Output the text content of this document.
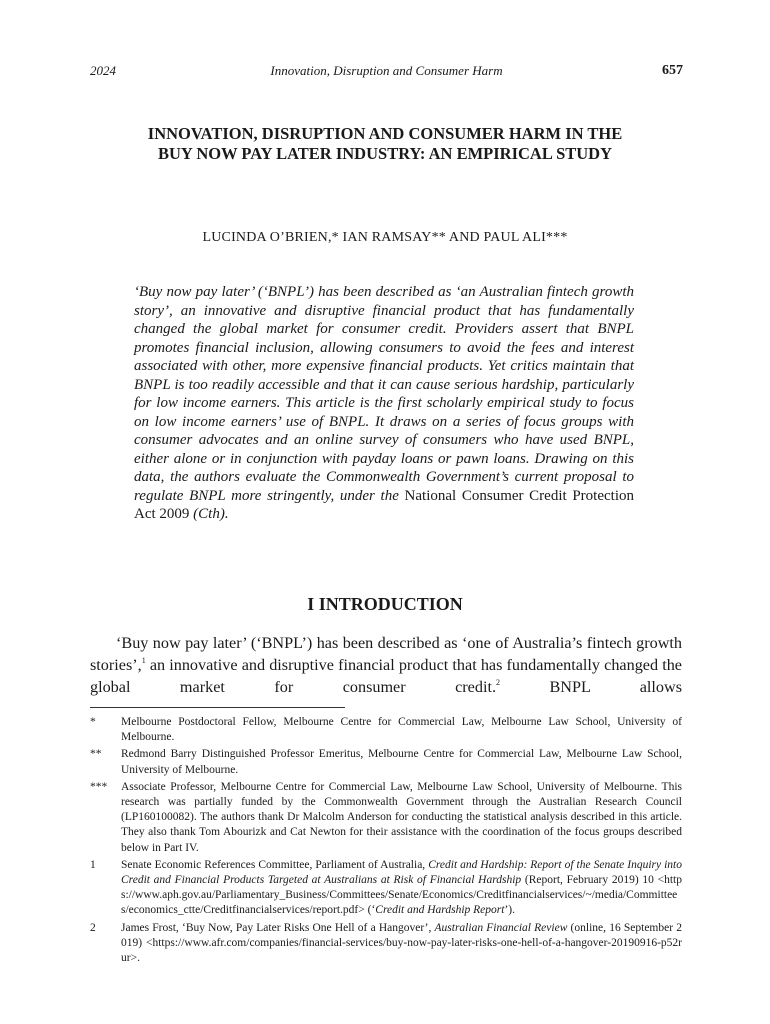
2024	Innovation, Disruption and Consumer Harm	657
INNOVATION, DISRUPTION AND CONSUMER HARM IN THE
BUY NOW PAY LATER INDUSTRY: AN EMPIRICAL STUDY
LUCINDA O’BRIEN,* IAN RAMSAY** AND PAUL ALI***

‘Buy now pay later’ (‘BNPL’) has been described as ‘an Australian fintech growth story’, an innovative and disruptive financial product that has fundamentally changed the global market for consumer credit. Providers assert that BNPL promotes financial inclusion, allowing consumers to avoid the fees and interest associated with other, more expensive financial products. Yet critics maintain that BNPL is too readily accessible and that it can cause serious hardship, particularly for low income earners. This article is the first scholarly empirical study to focus on low income earners’ use of BNPL. It draws on a series of focus groups with consumer advocates and an online survey of consumers who have used BNPL, either alone or in conjunction with payday loans or pawn loans. Drawing on this data, the authors evaluate the Commonwealth Government’s current proposal to regulate BNPL more stringently, under the National Consumer Credit Protection Act 2009 (Cth).

I INTRODUCTION

‘Buy now pay later’ (‘BNPL’) has been described as ‘one of Australia’s fintech growth stories’,$^1$ an innovative and disruptive financial product that has fundamentally changed the global market for consumer credit.$^2$ BNPL allows

* Melbourne Postdoctoral Fellow, Melbourne Centre for Commercial Law, Melbourne Law School, University of Melbourne.
** Redmond Barry Distinguished Professor Emeritus, Melbourne Centre for Commercial Law, Melbourne Law School, University of Melbourne.
*** Associate Professor, Melbourne Centre for Commercial Law, Melbourne Law School, University of Melbourne. This research was partially funded by the Commonwealth Government through the Australian Research Council (LP160100082). The authors thank Dr Malcolm Anderson for conducting the statistical analysis described in this article. They also thank Tom Abourizk and Cat Newton for their assistance with the coordination of the focus groups described below in Part IV.
1 Senate Economic References Committee, Parliament of Australia, Credit and Hardship: Report of the Senate Inquiry into Credit and Financial Products Targeted at Australians at Risk of Financial Hardship (Report, February 2019) 10 <https://www.aph.gov.au/Parliamentary_Business/Committees/Senate/Economics/Creditfinancialservices/~/media/Committees/economics_ctte/Creditfinancialservices/report.pdf> (‘Credit and Hardship Report’).
2 James Frost, ‘Buy Now, Pay Later Risks One Hell of a Hangover’, Australian Financial Review (online, 16 September 2019) <https://www.afr.com/companies/financial-services/buy-now-pay-later-risks-one-hell-of-a-hangover-20190916-p52rur>.
